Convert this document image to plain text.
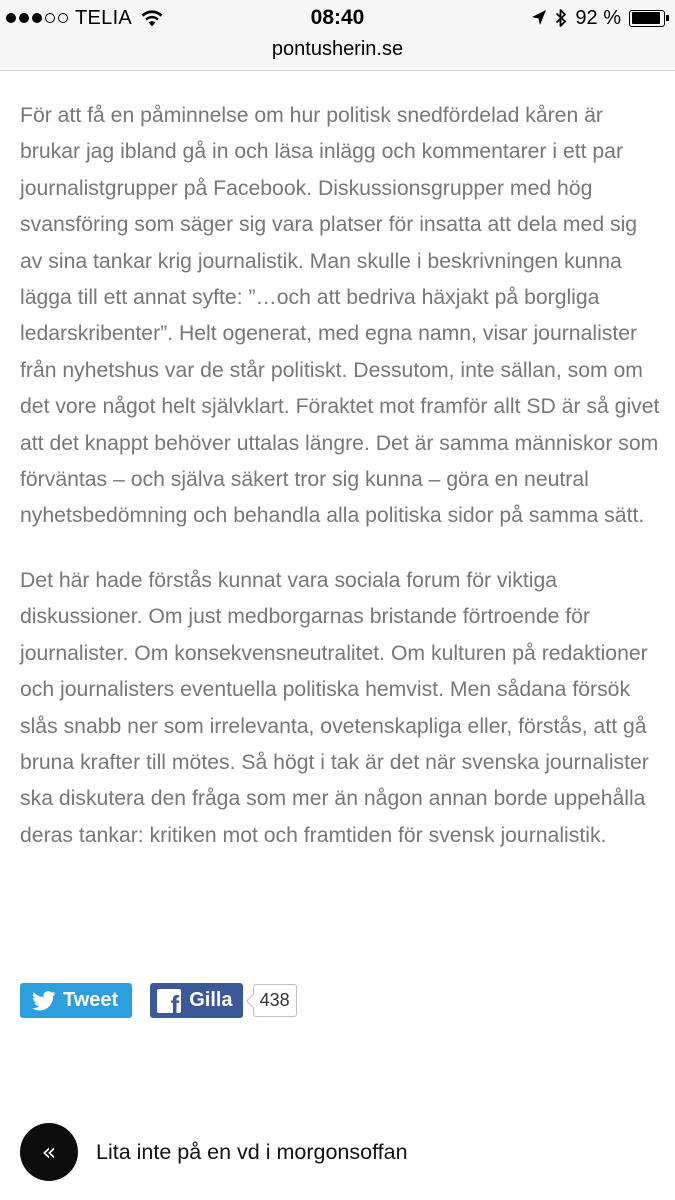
TELIA	08:40	92 %
pontusherin.se

För att få en påminnelse om hur politisk snedfördelad kåren är brukar jag ibland gå in och läsa inlägg och kommentarer i ett par journalistgrupper på Facebook. Diskussionsgrupper med hög svansföring som säger sig vara platser för insatta att dela med sig av sina tankar krig journalistik. Man skulle i beskrivningen kunna lägga till ett annat syfte: ”…och att bedriva häxjakt på borgliga ledarskribenter”. Helt ogenerat, med egna namn, visar journalister från nyhetshus var de står politiskt. Dessutom, inte sällan, som om det vore något helt självklart. Föraktet mot framför allt SD är så givet att det knappt behöver uttalas längre. Det är samma människor som förväntas – och själva säkert tror sig kunna – göra en neutral nyhetsbedömning och behandla alla politiska sidor på samma sätt.

Det här hade förstås kunnat vara sociala forum för viktiga diskussioner. Om just medborgarnas bristande förtroende för journalister. Om konsekvensneutralitet. Om kulturen på redaktioner och journalisters eventuella politiska hemvist. Men sådana försök slås snabb ner som irrelevanta, ovetenskapliga eller, förstås, att gå bruna krafter till mötes. Så högt i tak är det när svenska journalister ska diskutera den fråga som mer än någon annan borde uppehålla deras tankar: kritiken mot och framtiden för svensk journalistik.

Tweet f Gilla 438
« Lita inte på en vd i morgonsoffan
